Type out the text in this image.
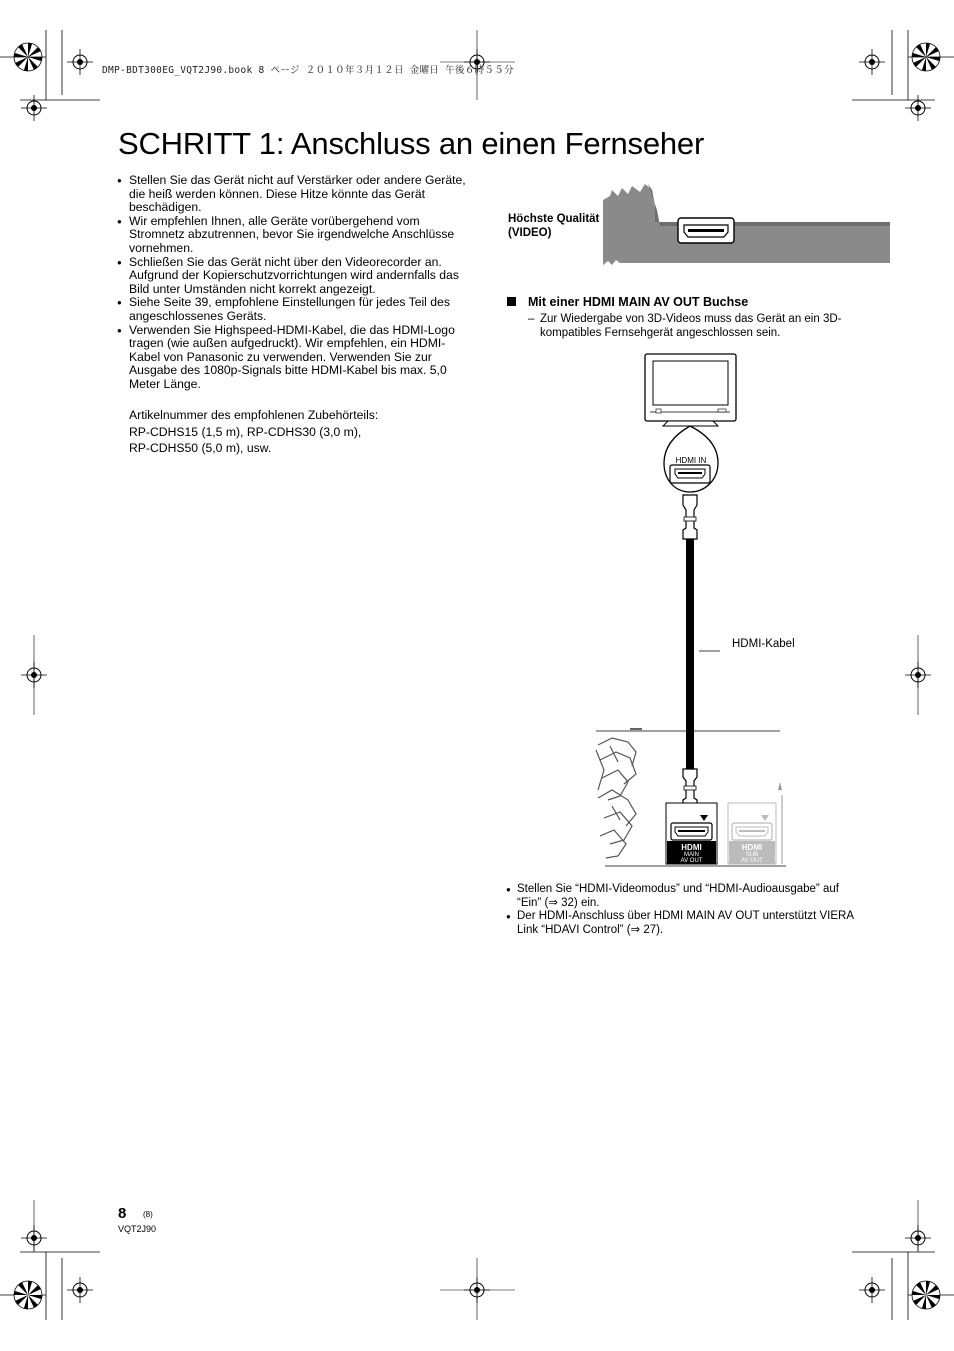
HDMI IN
HDMI
MAIN
AV OUT
HDMI
SUB
AV OUT
DMP-BDT300EG_VQT2J90.book 8 ページ ２０１０年３月１２日 金曜日 午後６時５５分
SCHRITT 1: Anschluss an einen Fernseher
● Stellen Sie das Gerät nicht auf Verstärker oder andere Geräte, die heiß werden können. Diese Hitze könnte das Gerät beschädigen.
● Wir empfehlen Ihnen, alle Geräte vorübergehend vom Stromnetz abzutrennen, bevor Sie irgendwelche Anschlüsse vornehmen.
● Schließen Sie das Gerät nicht über den Videorecorder an. Aufgrund der Kopierschutzvorrichtungen wird andernfalls das Bild unter Umständen nicht korrekt angezeigt.
● Siehe Seite 39, empfohlene Einstellungen für jedes Teil des angeschlossenes Geräts.
● Verwenden Sie Highspeed-HDMI-Kabel, die das HDMI-Logo tragen (wie außen aufgedruckt). Wir empfehlen, ein HDMI-Kabel von Panasonic zu verwenden. Verwenden Sie zur Ausgabe des 1080p-Signals bitte HDMI-Kabel bis max. 5,0 Meter Länge.
Artikelnummer des empfohlenen Zubehörteils:
RP-CDHS15 (1,5 m), RP-CDHS30 (3,0 m),
RP-CDHS50 (5,0 m), usw.
Höchste Qualität (VIDEO)
Mit einer HDMI MAIN AV OUT Buchse
– Zur Wiedergabe von 3D-Videos muss das Gerät an ein 3D-kompatibles Fernsehgerät angeschlossen sein.
HDMI-Kabel
● Stellen Sie “HDMI-Videomodus” und “HDMI-Audioausgabe” auf “Ein” (⇒ 32) ein.
● Der HDMI-Anschluss über HDMI MAIN AV OUT unterstützt VIERA Link “HDAVI Control” (⇒ 27).
8 (8)
VQT2J90
